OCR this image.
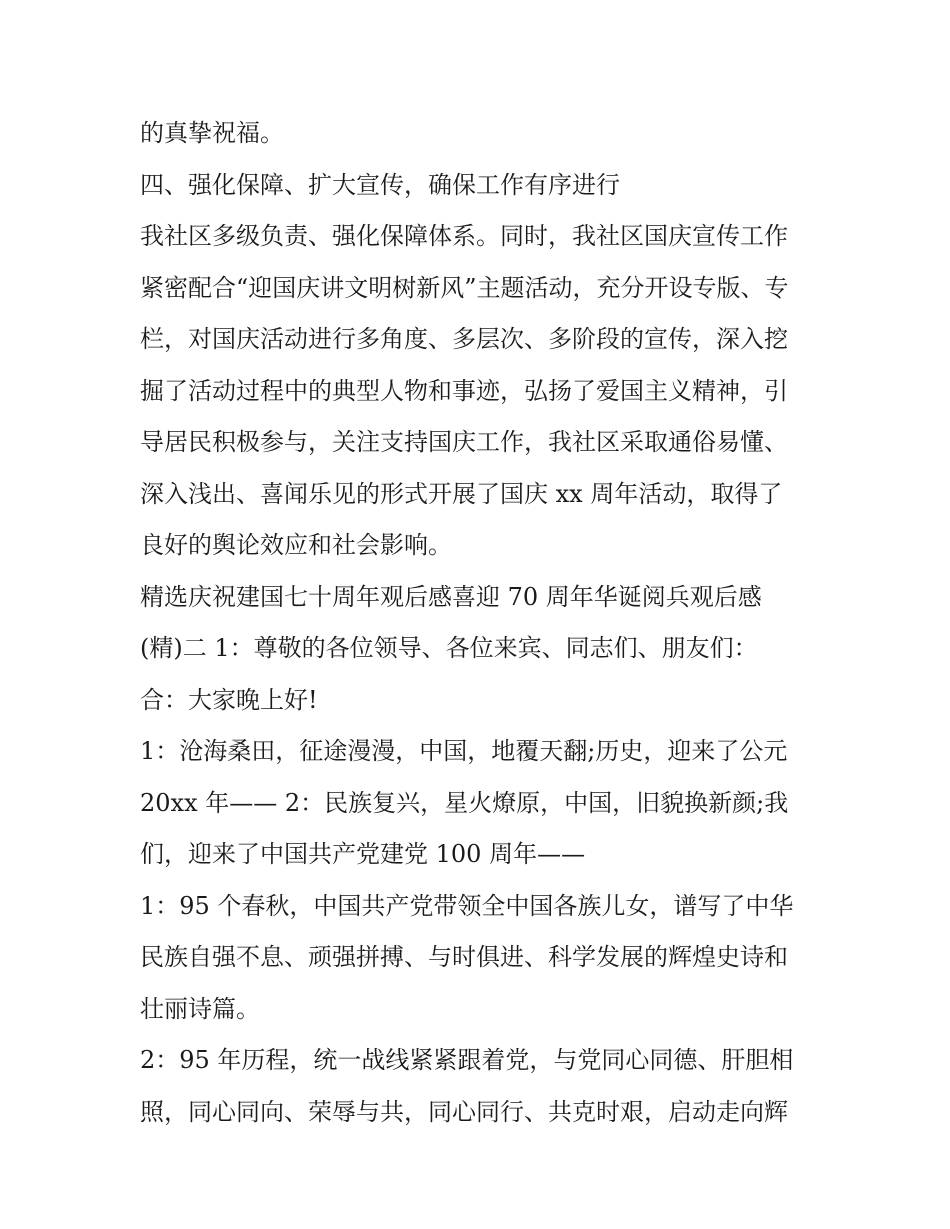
的真挚祝福。
四、强化保障、扩大宣传，确保工作有序进行
我社区多级负责、强化保障体系。同时，我社区国庆宣传工作
紧密配合“迎国庆讲文明树新风”主题活动，充分开设专版、专
栏，对国庆活动进行多角度、多层次、多阶段的宣传，深入挖
掘了活动过程中的典型人物和事迹，弘扬了爱国主义精神，引
导居民积极参与，关注支持国庆工作，我社区采取通俗易懂、
深入浅出、喜闻乐见的形式开展了国庆 xx 周年活动，取得了
良好的舆论效应和社会影响。
精选庆祝建国七十周年观后感喜迎 70 周年华诞阅兵观后感
(精)二 1：尊敬的各位领导、各位来宾、同志们、朋友们：
合：大家晚上好!
1：沧海桑田，征途漫漫，中国，地覆天翻;历史，迎来了公元
20xx 年—— 2：民族复兴，星火燎原，中国，旧貌换新颜;我
们，迎来了中国共产党建党 100 周年——
1：95 个春秋，中国共产党带领全中国各族儿女，谱写了中华
民族自强不息、顽强拼搏、与时俱进、科学发展的辉煌史诗和
壮丽诗篇。
2：95 年历程，统一战线紧紧跟着党，与党同心同德、肝胆相
照，同心同向、荣辱与共，同心同行、共克时艰，启动走向辉
